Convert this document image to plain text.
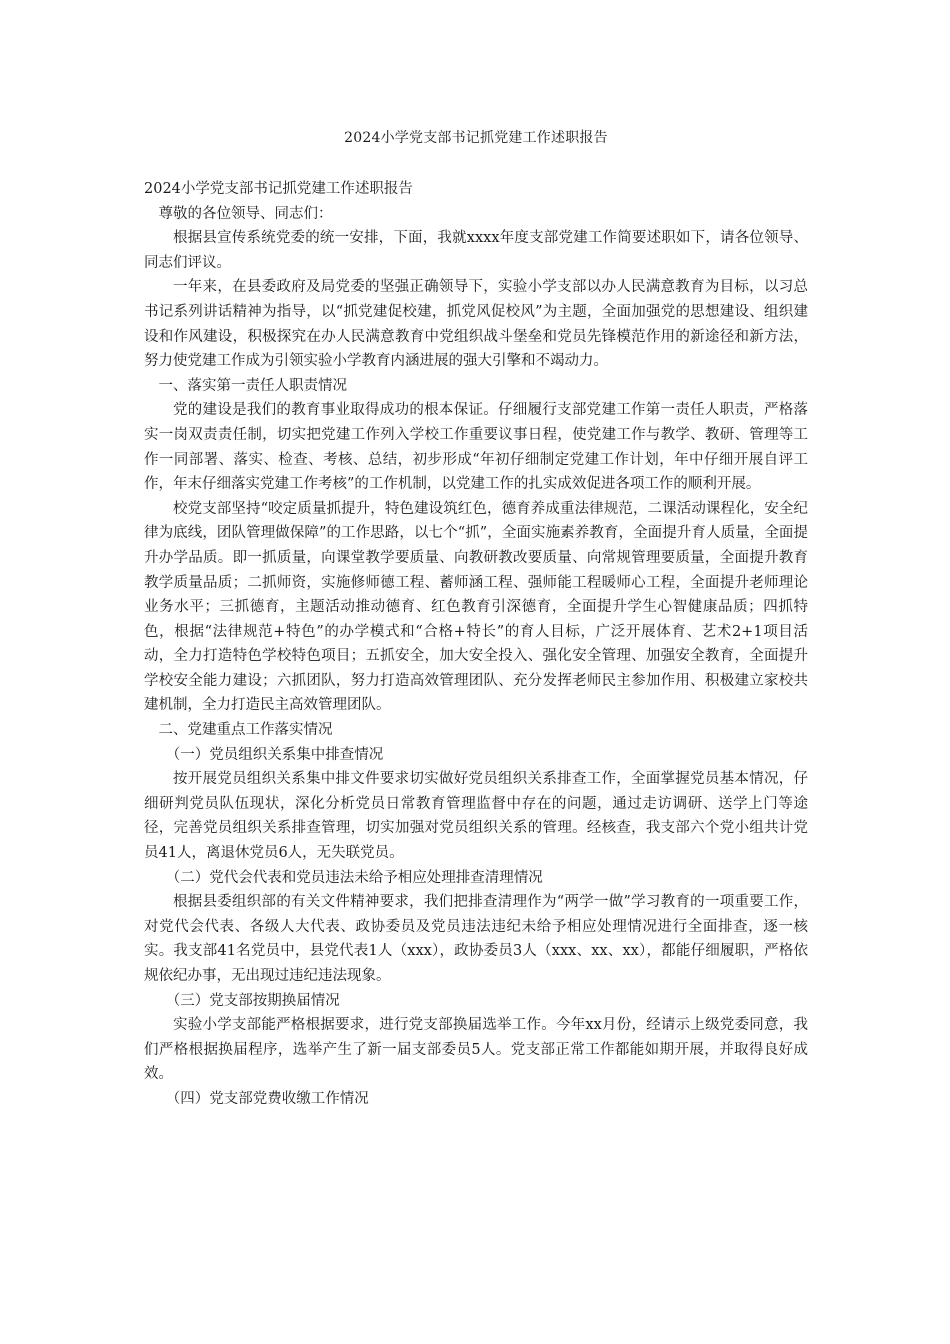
2024小学党支部书记抓党建工作述职报告

2024小学党支部书记抓党建工作述职报告

尊敬的各位领导、同志们：

根据县宣传系统党委的统一安排，下面，我就xxxx年度支部党建工作简要述职如下，请各位领导、同志们评议。

一年来，在县委政府及局党委的坚强正确领导下，实验小学支部以办人民满意教育为目标，以习总书记系列讲话精神为指导，以“抓党建促校建，抓党风促校风”为主题，全面加强党的思想建设、组织建设和作风建设，积极探究在办人民满意教育中党组织战斗堡垒和党员先锋模范作用的新途径和新方法，努力使党建工作成为引领实验小学教育内涵进展的强大引擎和不竭动力。

一、落实第一责任人职责情况

党的建设是我们的教育事业取得成功的根本保证。仔细履行支部党建工作第一责任人职责，严格落实一岗双责责任制，切实把党建工作列入学校工作重要议事日程，使党建工作与教学、教研、管理等工作一同部署、落实、检查、考核、总结，初步形成“年初仔细制定党建工作计划，年中仔细开展自评工作，年末仔细落实党建工作考核”的工作机制，以党建工作的扎实成效促进各项工作的顺利开展。

校党支部坚持“咬定质量抓提升，特色建设筑红色，德育养成重法律规范，二课活动课程化，安全纪律为底线，团队管理做保障”的工作思路，以七个“抓”，全面实施素养教育，全面提升育人质量，全面提升办学品质。即一抓质量，向课堂教学要质量、向教研教改要质量、向常规管理要质量，全面提升教育教学质量品质；二抓师资，实施修师德工程、蓄师涵工程、强师能工程暖师心工程，全面提升老师理论业务水平；三抓德育，主题活动推动德育、红色教育引深德育，全面提升学生心智健康品质；四抓特色，根据“法律规范+特色”的办学模式和“合格+特长”的育人目标，广泛开展体育、艺术2+1项目活动，全力打造特色学校特色项目；五抓安全，加大安全投入、强化安全管理、加强安全教育，全面提升学校安全能力建设；六抓团队，努力打造高效管理团队、充分发挥老师民主参加作用、积极建立家校共建机制，全力打造民主高效管理团队。

二、党建重点工作落实情况

（一）党员组织关系集中排查情况

按开展党员组织关系集中排文件要求切实做好党员组织关系排查工作，全面掌握党员基本情况，仔细研判党员队伍现状，深化分析党员日常教育管理监督中存在的问题，通过走访调研、送学上门等途径，完善党员组织关系排查管理，切实加强对党员组织关系的管理。经核查，我支部六个党小组共计党员41人，离退休党员6人，无失联党员。

（二）党代会代表和党员违法未给予相应处理排查清理情况

根据县委组织部的有关文件精神要求，我们把排查清理作为“两学一做”学习教育的一项重要工作，对党代会代表、各级人大代表、政协委员及党员违法违纪未给予相应处理情况进行全面排查，逐一核实。我支部41名党员中，县党代表1人（xxx），政协委员3人（xxx、xx、xx），都能仔细履职，严格依规依纪办事，无出现过违纪违法现象。

（三）党支部按期换届情况

实验小学支部能严格根据要求，进行党支部换届选举工作。今年xx月份，经请示上级党委同意，我们严格根据换届程序，选举产生了新一届支部委员5人。党支部正常工作都能如期开展，并取得良好成效。

（四）党支部党费收缴工作情况
